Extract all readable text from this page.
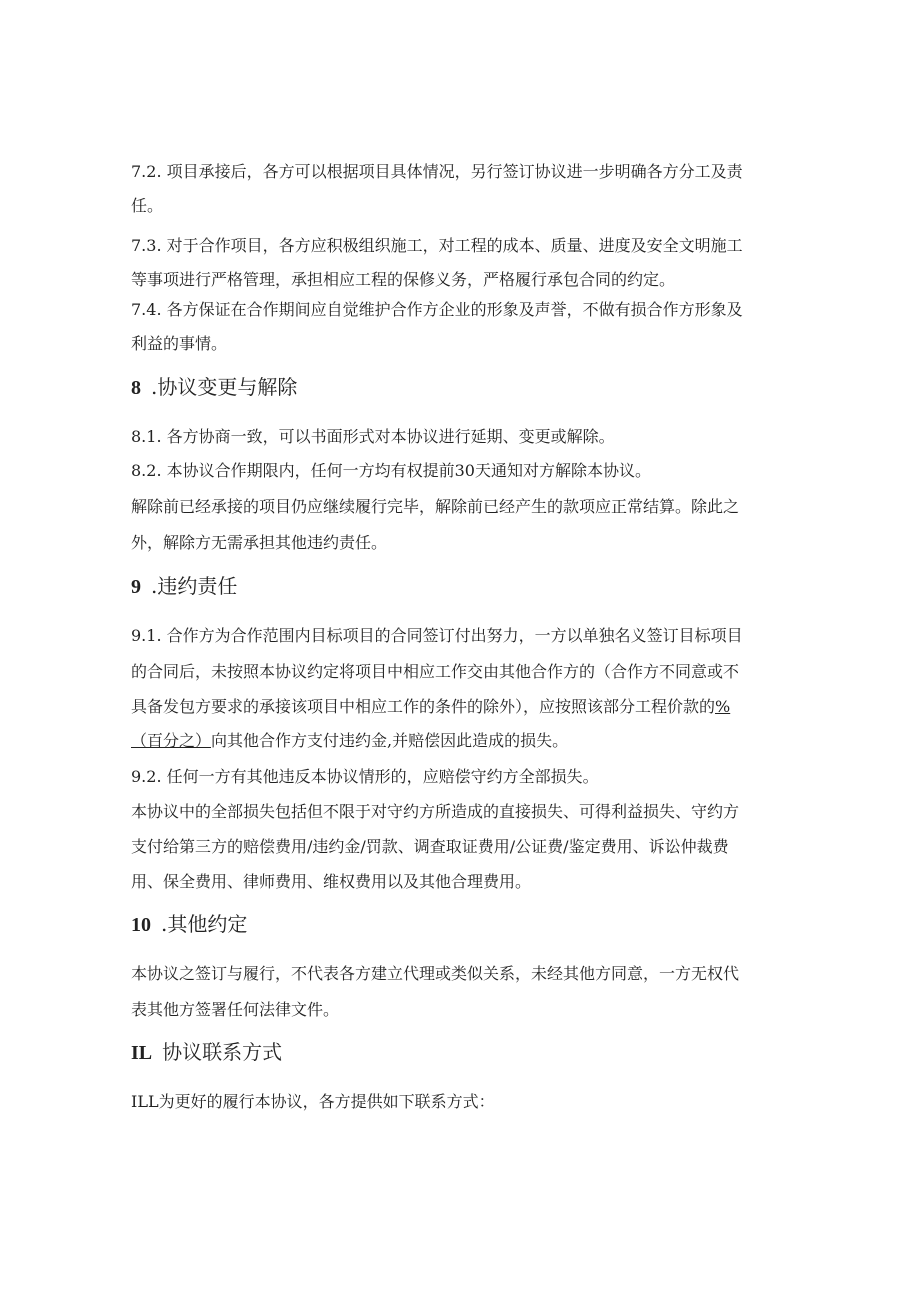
7.2. 项目承接后，各方可以根据项目具体情况，另行签订协议进一步明确各方分工及责

任。

7.3. 对于合作项目，各方应积极组织施工，对工程的成本、质量、进度及安全文明施工

等事项进行严格管理，承担相应工程的保修义务，严格履行承包合同的约定。

7.4. 各方保证在合作期间应自觉维护合作方企业的形象及声誉，不做有损合作方形象及

利益的事情。

8 .协议变更与解除

8.1. 各方协商一致，可以书面形式对本协议进行延期、变更或解除。

8.2. 本协议合作期限内，任何一方均有权提前30天通知对方解除本协议。

解除前已经承接的项目仍应继续履行完毕，解除前已经产生的款项应正常结算。除此之

外，解除方无需承担其他违约责任。

9 .违约责任

9.1. 合作方为合作范围内目标项目的合同签订付出努力，一方以单独名义签订目标项目

的合同后，未按照本协议约定将项目中相应工作交由其他合作方的（合作方不同意或不

具备发包方要求的承接该项目中相应工作的条件的除外），应按照该部分工程价款的%

（百分之）向其他合作方支付违约金,并赔偿因此造成的损失。

9.2. 任何一方有其他违反本协议情形的，应赔偿守约方全部损失。

本协议中的全部损失包括但不限于对守约方所造成的直接损失、可得利益损失、守约方

支付给第三方的赔偿费用/违约金/罚款、调查取证费用/公证费/鉴定费用、诉讼仲裁费

用、保全费用、律师费用、维权费用以及其他合理费用。

10 .其他约定

本协议之签订与履行，不代表各方建立代理或类似关系，未经其他方同意，一方无权代

表其他方签署任何法律文件。

IL 协议联系方式

ILL为更好的履行本协议，各方提供如下联系方式：
